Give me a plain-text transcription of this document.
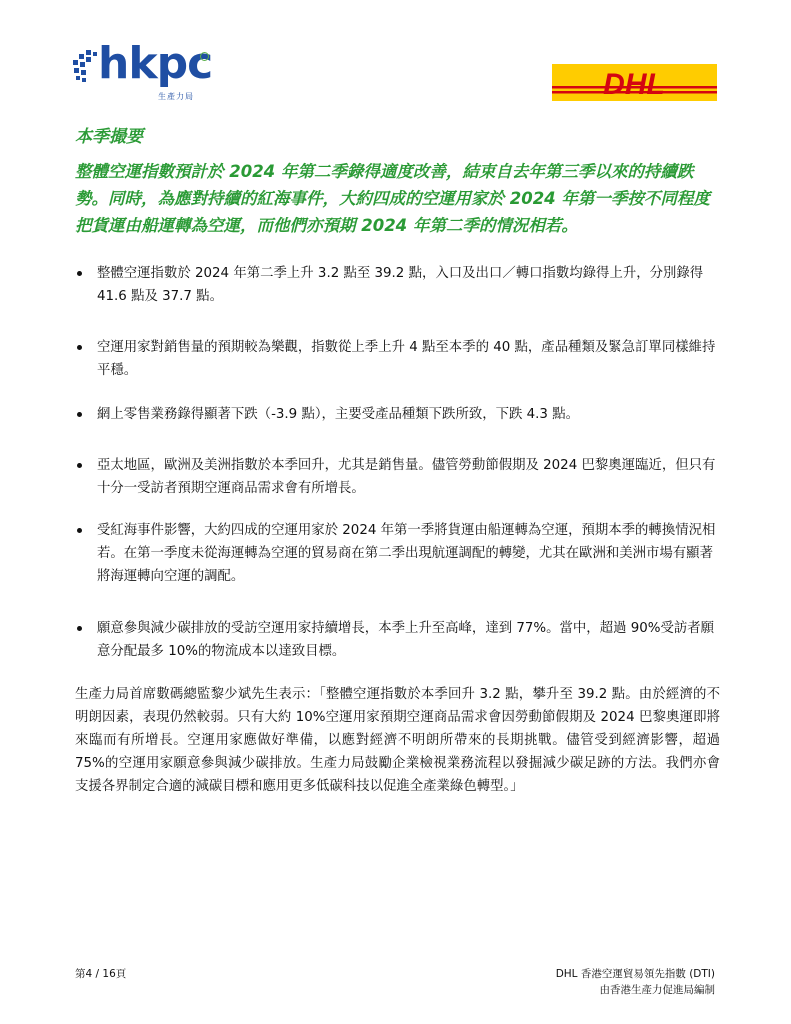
hkpc
生產力局	DHL
本季撮要
整體空運指數預計於 2024 年第二季錄得適度改善，結束自去年第三季以來的持續跌勢。同時，為應對持續的紅海事件，大約四成的空運用家於 2024 年第一季按不同程度把貨運由船運轉為空運，而他們亦預期 2024 年第二季的情況相若。
整體空運指數於 2024 年第二季上升 3.2 點至 39.2 點，入口及出口／轉口指數均錄得上升，分別錄得 41.6 點及 37.7 點。
空運用家對銷售量的預期較為樂觀，指數從上季上升 4 點至本季的 40 點，產品種類及緊急訂單同樣維持平穩。
網上零售業務錄得顯著下跌（-3.9 點），主要受產品種類下跌所致，下跌 4.3 點。
亞太地區，歐洲及美洲指數於本季回升，尤其是銷售量。儘管勞動節假期及 2024 巴黎奧運臨近，但只有十分一受訪者預期空運商品需求會有所增長。
受紅海事件影響，大約四成的空運用家於 2024 年第一季將貨運由船運轉為空運，預期本季的轉換情況相若。在第一季度未從海運轉為空運的貿易商在第二季出現航運調配的轉變，尤其在歐洲和美洲市場有顯著將海運轉向空運的調配。
願意參與減少碳排放的受訪空運用家持續增長，本季上升至高峰，達到 77%。當中，超過 90%受訪者願意分配最多 10%的物流成本以達致目標。
生產力局首席數碼總監黎少斌先生表示：「整體空運指數於本季回升 3.2 點，攀升至 39.2 點。由於經濟的不明朗因素，表現仍然較弱。只有大約 10%空運用家預期空運商品需求會因勞動節假期及 2024 巴黎奧運即將來臨而有所增長。空運用家應做好準備，以應對經濟不明朗所帶來的長期挑戰。儘管受到經濟影響，超過 75%的空運用家願意參與減少碳排放。生產力局鼓勵企業檢視業務流程以發掘減少碳足跡的方法。我們亦會支援各界制定合適的減碳目標和應用更多低碳科技以促進全產業綠色轉型。」
第4 / 16頁	DHL 香港空運貿易領先指數 (DTI)
由香港生產力促進局編制
